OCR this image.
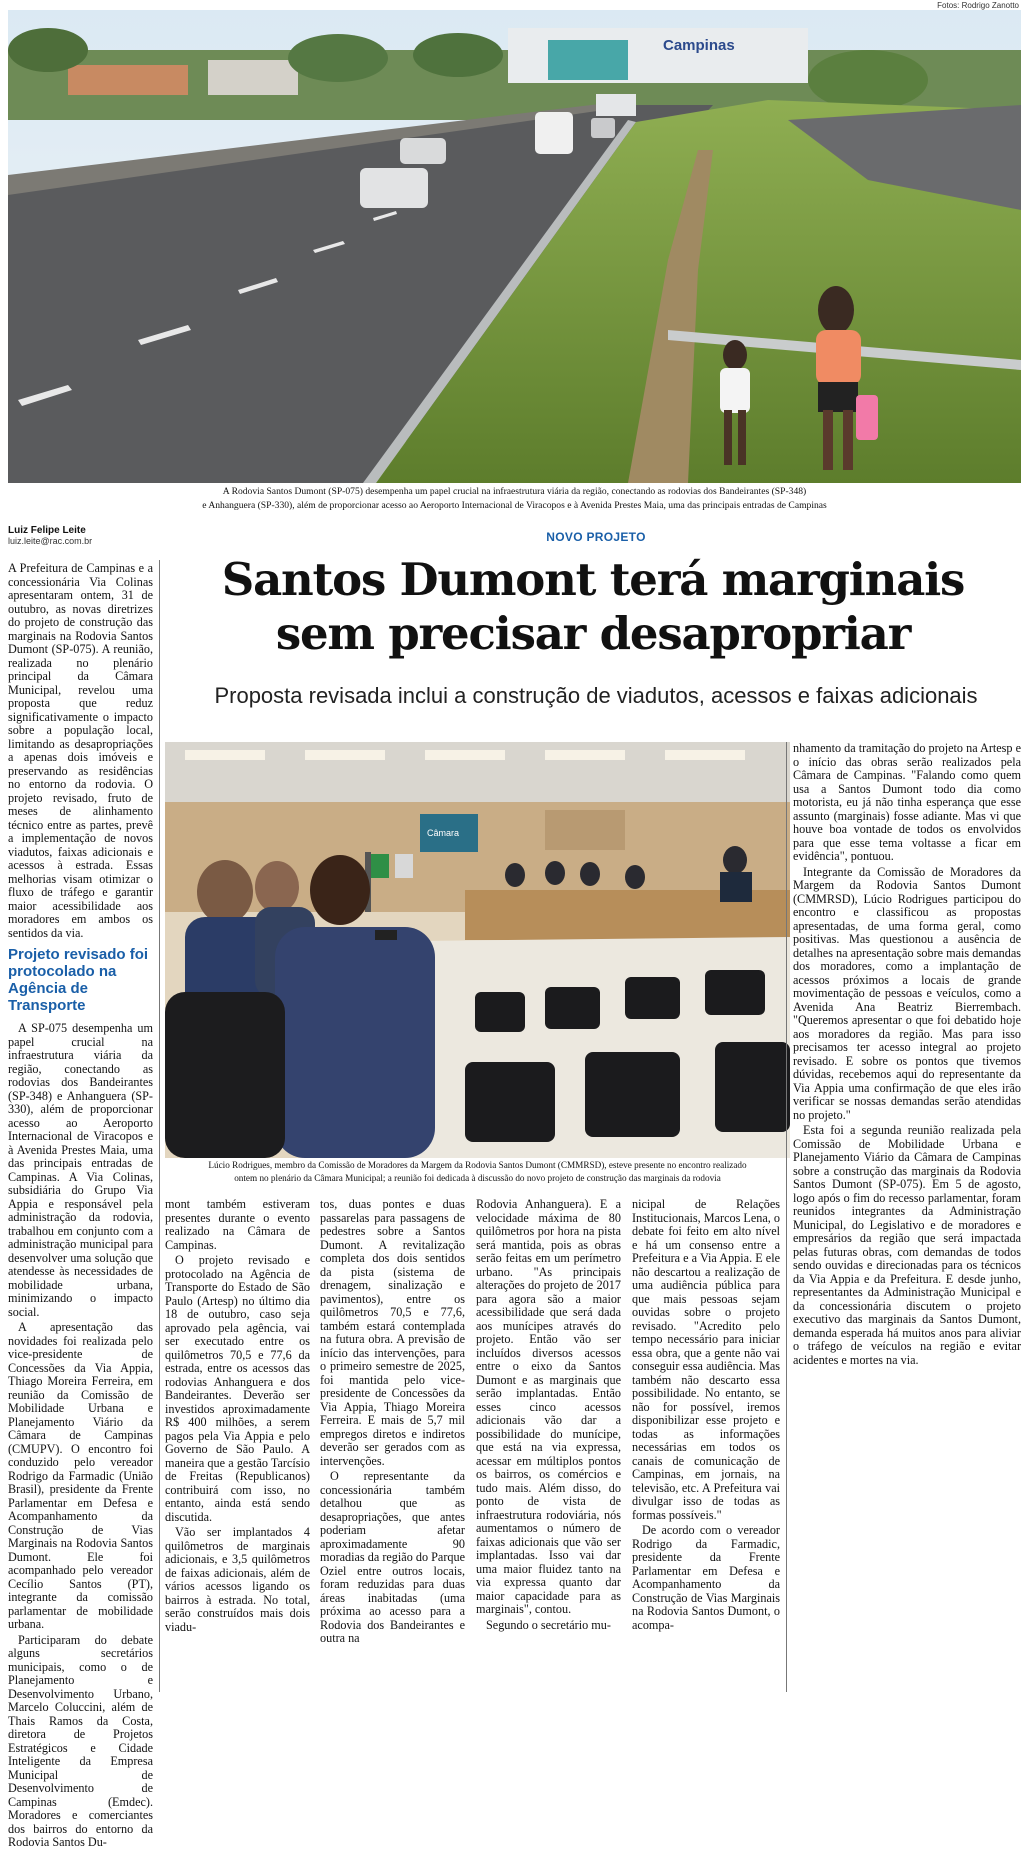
Fotos: Rodrigo Zanotto
Campinas
A Rodovia Santos Dumont (SP-075) desempenha um papel crucial na infraestrutura viária da região, conectando as rodovias dos Bandeirantes (SP-348)
e Anhanguera (SP-330), além de proporcionar acesso ao Aeroporto Internacional de Viracopos e à Avenida Prestes Maia, uma das principais entradas de Campinas
Luiz Felipe Leite
luiz.leite@rac.com.br	NOVO PROJETO
Santos Dumont terá marginais
sem precisar desapropriar
Proposta revisada inclui a construção de viadutos, acessos e faixas adicionais
Câmara
Lúcio Rodrigues, membro da Comissão de Moradores da Margem da Rodovia Santos Dumont (CMMRSD), esteve presente no encontro realizado
ontem no plenário da Câmara Municipal; a reunião foi dedicada à discussão do novo projeto de construção das marginais da rodovia

A Prefeitura de Campinas e a concessionária Via Colinas apresentaram ontem, 31 de outubro, as novas diretrizes do projeto de construção das marginais na Rodovia Santos Dumont (SP-075). A reunião, realizada no plenário principal da Câmara Municipal, revelou uma proposta que reduz significativamente o impacto sobre a população local, limitando as desapropriações a apenas dois imóveis e preservando as residências no entorno da rodovia. O projeto revisado, fruto de meses de alinhamento técnico entre as partes, prevê a implementação de novos viadutos, faixas adicionais e acessos à estrada. Essas melhorias visam otimizar o fluxo de tráfego e garantir maior acessibilidade aos moradores em ambos os sentidos da via.

Projeto revisado foi protocolado na Agência de Transporte

A SP-075 desempenha um papel crucial na infraestrutura viária da região, conectando as rodovias dos Bandeirantes (SP-348) e Anhanguera (SP-330), além de proporcionar acesso ao Aeroporto Internacional de Viracopos e à Avenida Prestes Maia, uma das principais entradas de Campinas. A Via Colinas, subsidiária do Grupo Via Appia e responsável pela administração da rodovia, trabalhou em conjunto com a administração municipal para desenvolver uma solução que atendesse às necessidades de mobilidade urbana, minimizando o impacto social.

A apresentação das novidades foi realizada pelo vice-presidente de Concessões da Via Appia, Thiago Moreira Ferreira, em reunião da Comissão de Mobilidade Urbana e Planejamento Viário da Câmara de Campinas (CMUPV). O encontro foi conduzido pelo vereador Rodrigo da Farmadic (União Brasil), presidente da Frente Parlamentar em Defesa e Acompanhamento da Construção de Vias Marginais na Rodovia Santos Dumont. Ele foi acompanhado pelo vereador Cecílio Santos (PT), integrante da comissão parlamentar de mobilidade urbana.

Participaram do debate alguns secretários municipais, como o de Planejamento e Desenvolvimento Urbano, Marcelo Coluccini, além de Thais Ramos da Costa, diretora de Projetos Estratégicos e Cidade Inteligente da Empresa Municipal de Desenvolvimento de Campinas (Emdec). Moradores e comerciantes dos bairros do entorno da Rodovia Santos Du-

mont também estiveram presentes durante o evento realizado na Câmara de Campinas.

O projeto revisado e protocolado na Agência de Transporte do Estado de São Paulo (Artesp) no último dia 18 de outubro, caso seja aprovado pela agência, vai ser executado entre os quilômetros 70,5 e 77,6 da estrada, entre os acessos das rodovias Anhanguera e dos Bandeirantes. Deverão ser investidos aproximadamente R$ 400 milhões, a serem pagos pela Via Appia e pelo Governo de São Paulo. A maneira que a gestão Tarcísio de Freitas (Republicanos) contribuirá com isso, no entanto, ainda está sendo discutida.

Vão ser implantados 4 quilômetros de marginais adicionais, e 3,5 quilômetros de faixas adicionais, além de vários acessos ligando os bairros à estrada. No total, serão construídos mais dois viadu-

tos, duas pontes e duas passarelas para passagens de pedestres sobre a Santos Dumont. A revitalização completa dos dois sentidos da pista (sistema de drenagem, sinalização e pavimentos), entre os quilômetros 70,5 e 77,6, também estará contemplada na futura obra. A previsão de início das intervenções, para o primeiro semestre de 2025, foi mantida pelo vice-presidente de Concessões da Via Appia, Thiago Moreira Ferreira. E mais de 5,7 mil empregos diretos e indiretos deverão ser gerados com as intervenções.

O representante da concessionária também detalhou que as desapropriações, que antes poderiam afetar aproximadamente 90 moradias da região do Parque Oziel entre outros locais, foram reduzidas para duas áreas inabitadas (uma próxima ao acesso para a Rodovia dos Bandeirantes e outra na

Rodovia Anhanguera). E a velocidade máxima de 80 quilômetros por hora na pista será mantida, pois as obras serão feitas em um perímetro urbano. "As principais alterações do projeto de 2017 para agora são a maior acessibilidade que será dada aos munícipes através do projeto. Então vão ser incluídos diversos acessos entre o eixo da Santos Dumont e as marginais que serão implantadas. Então esses cinco acessos adicionais vão dar a possibilidade do munícipe, que está na via expressa, acessar em múltiplos pontos os bairros, os comércios e tudo mais. Além disso, do ponto de vista de infraestrutura rodoviária, nós aumentamos o número de faixas adicionais que vão ser implantadas. Isso vai dar uma maior fluidez tanto na via expressa quanto dar maior capacidade para as marginais", contou.

Segundo o secretário mu-

nicipal de Relações Institucionais, Marcos Lena, o debate foi feito em alto nível e há um consenso entre a Prefeitura e a Via Appia. E ele não descartou a realização de uma audiência pública para que mais pessoas sejam ouvidas sobre o projeto revisado. "Acredito pelo tempo necessário para iniciar essa obra, que a gente não vai conseguir essa audiência. Mas também não descarto essa possibilidade. No entanto, se não for possível, iremos disponibilizar esse projeto e todas as informações necessárias em todos os canais de comunicação de Campinas, em jornais, na televisão, etc. A Prefeitura vai divulgar isso de todas as formas possíveis."

De acordo com o vereador Rodrigo da Farmadic, presidente da Frente Parlamentar em Defesa e Acompanhamento da Construção de Vias Marginais na Rodovia Santos Dumont, o acompa-

nhamento da tramitação do projeto na Artesp e o início das obras serão realizados pela Câmara de Campinas. "Falando como quem usa a Santos Dumont todo dia como motorista, eu já não tinha esperança que esse assunto (marginais) fosse adiante. Mas vi que houve boa vontade de todos os envolvidos para que esse tema voltasse a ficar em evidência", pontuou.

Integrante da Comissão de Moradores da Margem da Rodovia Santos Dumont (CMMRSD), Lúcio Rodrigues participou do encontro e classificou as propostas apresentadas, de uma forma geral, como positivas. Mas questionou a ausência de detalhes na apresentação sobre mais demandas dos moradores, como a implantação de acessos próximos a locais de grande movimentação de pessoas e veículos, como a Avenida Ana Beatriz Bierrembach. "Queremos apresentar o que foi debatido hoje aos moradores da região. Mas para isso precisamos ter acesso integral ao projeto revisado. E sobre os pontos que tivemos dúvidas, recebemos aqui do representante da Via Appia uma confirmação de que eles irão verificar se nossas demandas serão atendidas no projeto."

Esta foi a segunda reunião realizada pela Comissão de Mobilidade Urbana e Planejamento Viário da Câmara de Campinas sobre a construção das marginais da Rodovia Santos Dumont (SP-075). Em 5 de agosto, logo após o fim do recesso parlamentar, foram reunidos integrantes da Administração Municipal, do Legislativo e de moradores e empresários da região que será impactada pelas futuras obras, com demandas de todos sendo ouvidas e direcionadas para os técnicos da Via Appia e da Prefeitura. E desde junho, representantes da Administração Municipal e da concessionária discutem o projeto executivo das marginais da Santos Dumont, demanda esperada há muitos anos para aliviar o tráfego de veículos na região e evitar acidentes e mortes na via.
